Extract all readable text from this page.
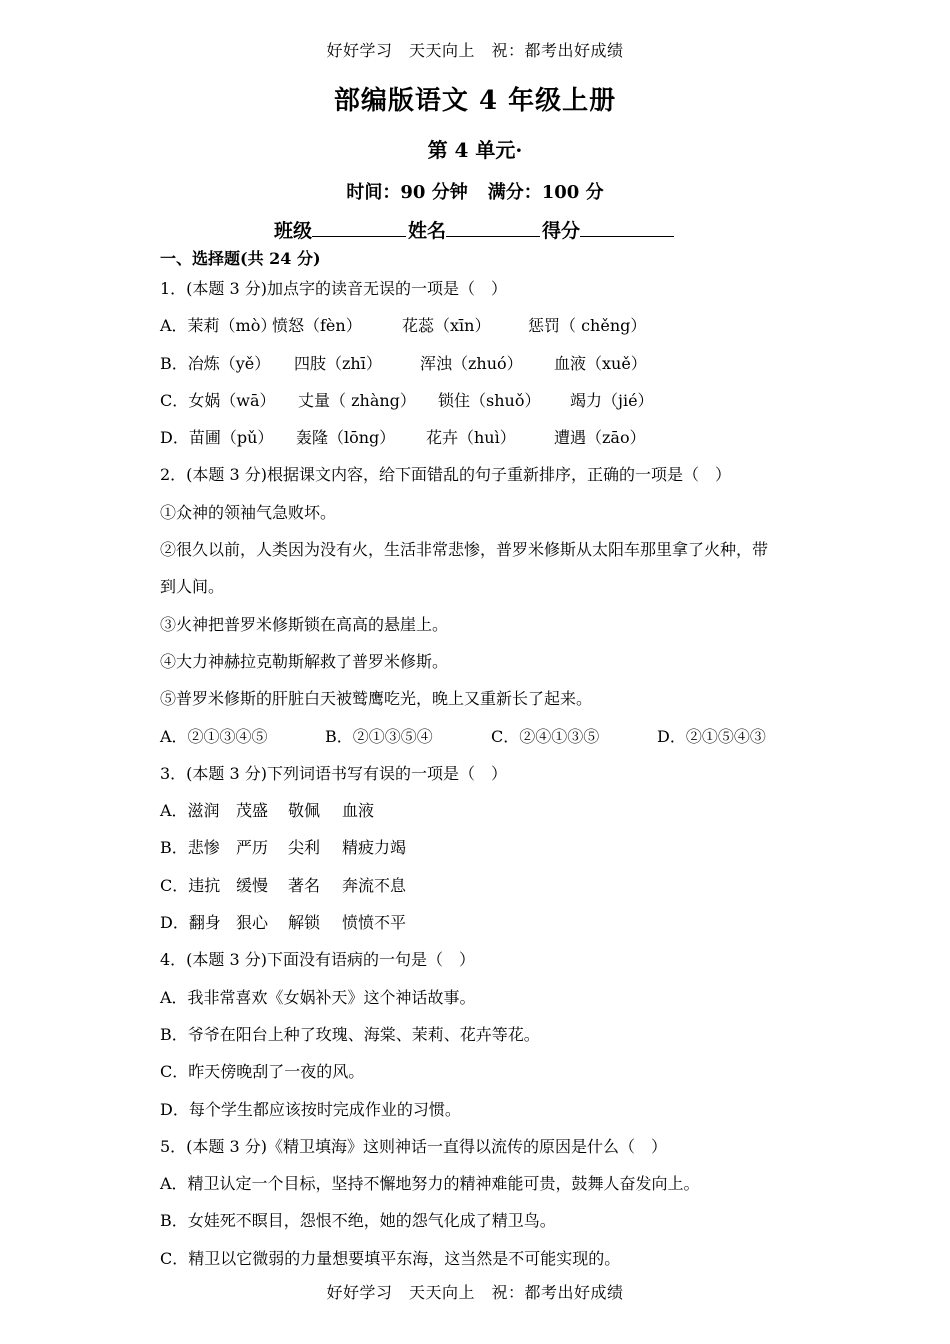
好好学习　天天向上　祝：都考出好成绩
部编版语文 4 年级上册
第 4 单元·
时间：90 分钟 满分：100 分
班级	姓名	得分
一、选择题(共 24 分)
1．(本题 3 分)加点字的读音无误的一项是（　）
A．茉莉（mò）愤怒（fèn）	花蕊（xīn） 惩罚（ chěng）
B．冶炼（yě） 四肢（zhī） 浑浊（zhuó） 血液（xuě）
C．女娲（wā） 丈量（ zhàng） 锁住（shuǒ） 竭力（jié）
D．苗圃（pǔ） 轰隆（lōng） 花卉（huì） 遭遇（zāo）
2．(本题 3 分)根据课文内容，给下面错乱的句子重新排序，正确的一项是（　）
①众神的领袖气急败坏。
②很久以前，人类因为没有火，生活非常悲惨，普罗米修斯从太阳车那里拿了火种，带
到人间。
③火神把普罗米修斯锁在高高的悬崖上。
④大力神赫拉克勒斯解救了普罗米修斯。
⑤普罗米修斯的肝脏白天被鹫鹰吃光，晚上又重新长了起来。
A．②①③④⑤	B．②①③⑤④	C．②④①③⑤	D．②①⑤④③
3．(本题 3 分)下列词语书写有误的一项是（　）
A．滋润 茂盛 敬佩 血液
B．悲惨 严历 尖利 精疲力竭
C．违抗 缓慢 著名 奔流不息
D．翻身 狠心 解锁 愤愤不平
4．(本题 3 分)下面没有语病的一句是（　）
A．我非常喜欢《女娲补天》这个神话故事。
B．爷爷在阳台上种了玫瑰、海棠、茉莉、花卉等花。
C．昨天傍晚刮了一夜的风。
D．每个学生都应该按时完成作业的习惯。
5．(本题 3 分)《精卫填海》这则神话一直得以流传的原因是什么（　）
A．精卫认定一个目标，坚持不懈地努力的精神难能可贵，鼓舞人奋发向上。
B．女娃死不瞑目，怨恨不绝，她的怨气化成了精卫鸟。
C．精卫以它微弱的力量想要填平东海，这当然是不可能实现的。
好好学习　天天向上　祝：都考出好成绩
